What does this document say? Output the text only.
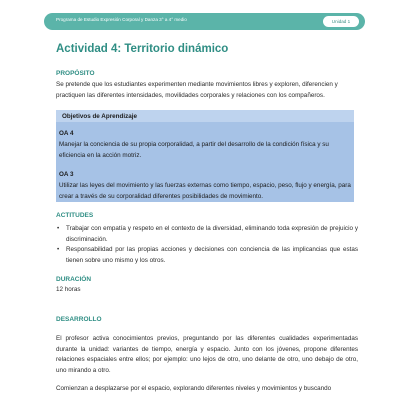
Programa de Estudio Expresión Corporal y Danza 3° a 4° medio	Unidad 1
Actividad 4: Territorio dinámico
PROPÓSITO

Se pretende que los estudiantes experimenten mediante movimientos libres y exploren, diferencien y practiquen las diferentes intensidades, movilidades corporales y relaciones con los compañeros.

Objetivos de Aprendizaje
OA 4

Manejar la conciencia de su propia corporalidad, a partir del desarrollo de la condición física y su eficiencia en la acción motriz.

OA 3

Utilizar las leyes del movimiento y las fuerzas externas como tiempo, espacio, peso, flujo y energía, para crear a través de su corporalidad diferentes posibilidades de movimiento.

ACTITUDES
• Trabajar con empatía y respeto en el contexto de la diversidad, eliminando toda expresión de prejuicio y discriminación.
• Responsabilidad por las propias acciones y decisiones con conciencia de las implicancias que estas tienen sobre uno mismo y los otros.
DURACIÓN

12 horas

DESARROLLO

El profesor activa conocimientos previos, preguntando por las diferentes cualidades experimentadas durante la unidad: variantes de tiempo, energía y espacio. Junto con los jóvenes, propone diferentes relaciones espaciales entre ellos; por ejemplo: uno lejos de otro, uno delante de otro, uno debajo de otro, uno mirando a otro.

Comienzan a desplazarse por el espacio, explorando diferentes niveles y movimientos y buscando
